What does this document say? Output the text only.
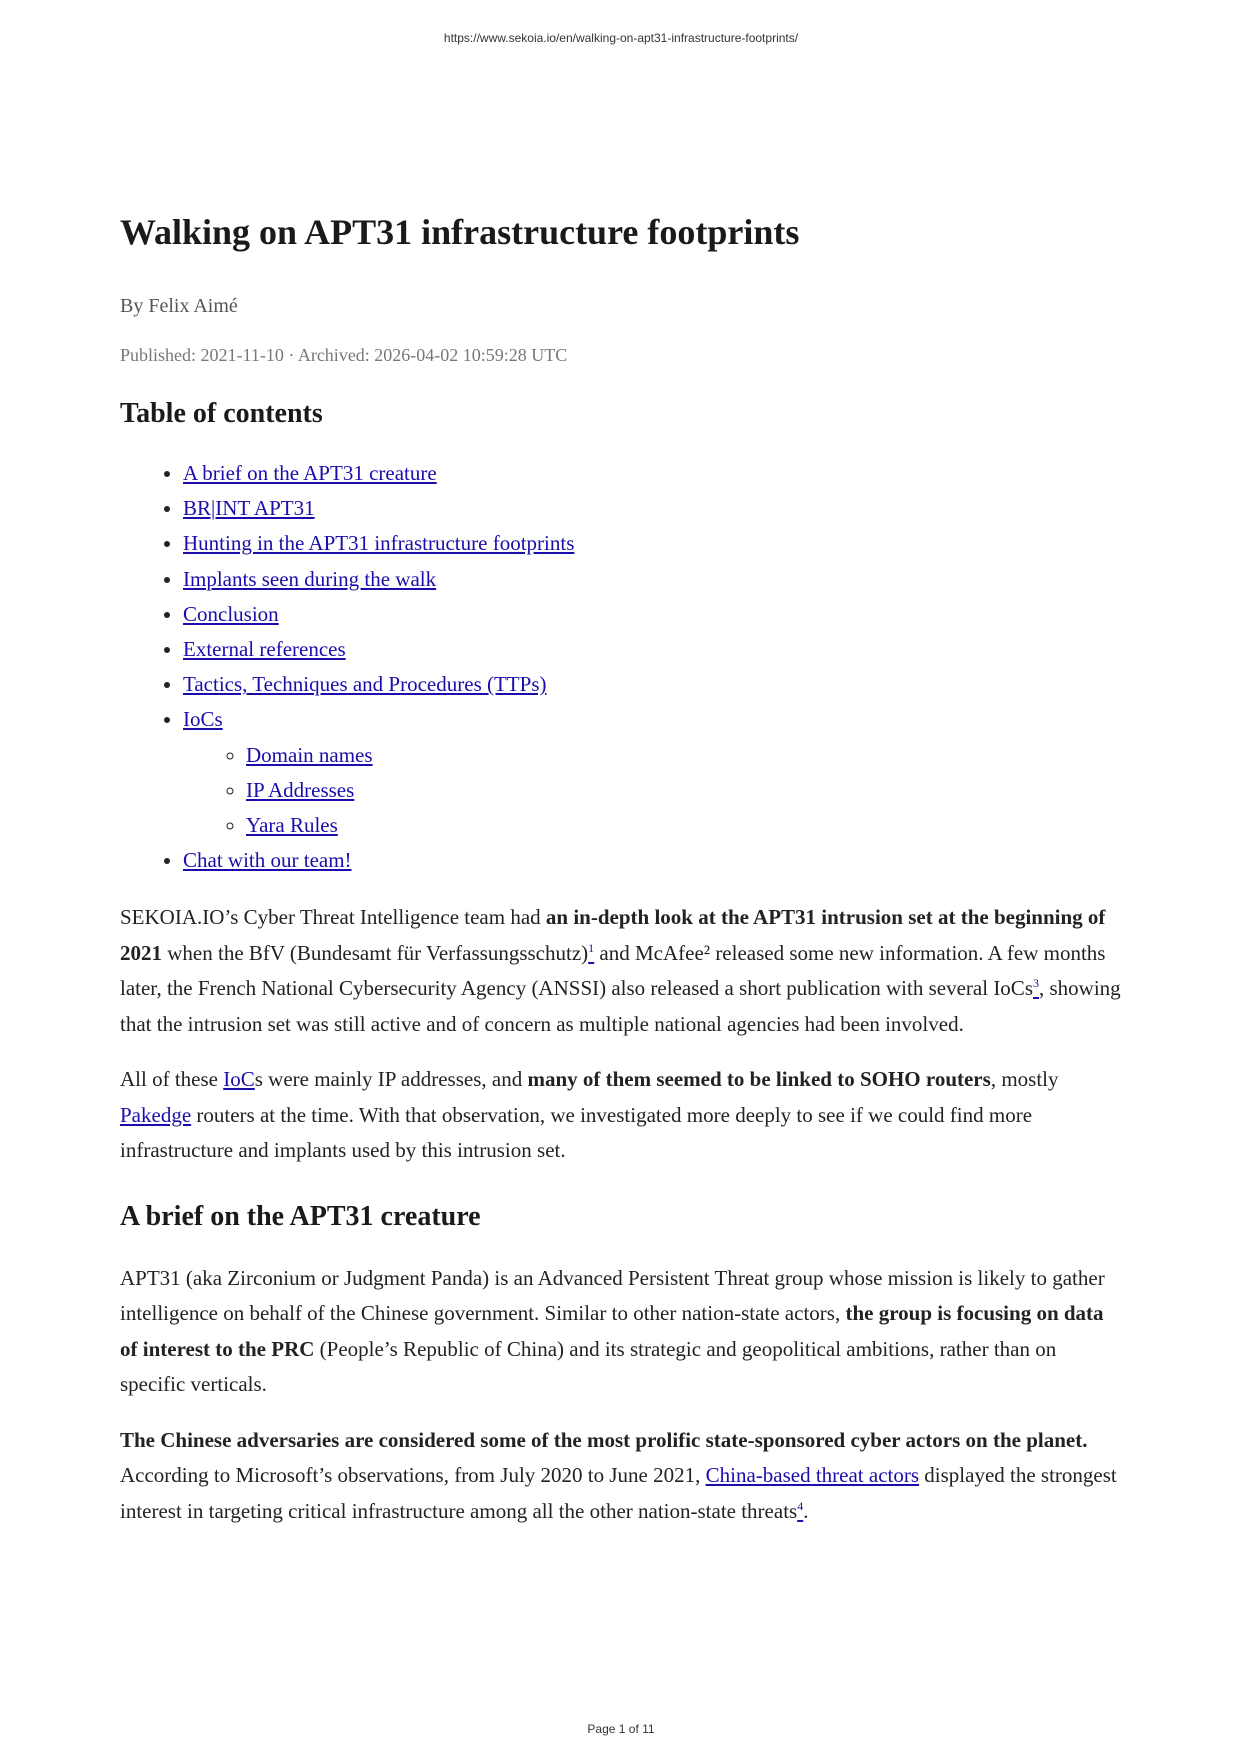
https://www.sekoia.io/en/walking-on-apt31-infrastructure-footprints/
Walking on APT31 infrastructure footprints
By Felix Aimé
Published: 2021-11-10 · Archived: 2026-04-02 10:59:28 UTC
Table of contents
• A brief on the APT31 creature
• BR|INT APT31
• Hunting in the APT31 infrastructure footprints
• Implants seen during the walk
• Conclusion
• External references
• Tactics, Techniques and Procedures (TTPs)
• IoCs
◦ Domain names
◦ IP Addresses
◦ Yara Rules
• Chat with our team!

SEKOIA.IO’s Cyber Threat Intelligence team had an in-depth look at the APT31 intrusion set at the beginning of 2021 when the BfV (Bundesamt für Verfassungsschutz)$^1$ and McAfee² released some new information. A few months later, the French National Cybersecurity Agency (ANSSI) also released a short publication with several IoCs$^3$, showing that the intrusion set was still active and of concern as multiple national agencies had been involved.

All of these IoCs were mainly IP addresses, and many of them seemed to be linked to SOHO routers, mostly Pakedge routers at the time. With that observation, we investigated more deeply to see if we could find more infrastructure and implants used by this intrusion set.

A brief on the APT31 creature

APT31 (aka Zirconium or Judgment Panda) is an Advanced Persistent Threat group whose mission is likely to gather intelligence on behalf of the Chinese government. Similar to other nation-state actors, the group is focusing on data of interest to the PRC (People’s Republic of China) and its strategic and geopolitical ambitions, rather than on specific verticals.

The Chinese adversaries are considered some of the most prolific state-sponsored cyber actors on the planet. According to Microsoft’s observations, from July 2020 to June 2021, China-based threat actors displayed the strongest interest in targeting critical infrastructure among all the other nation-state threats$^4$.

Page 1 of 11
